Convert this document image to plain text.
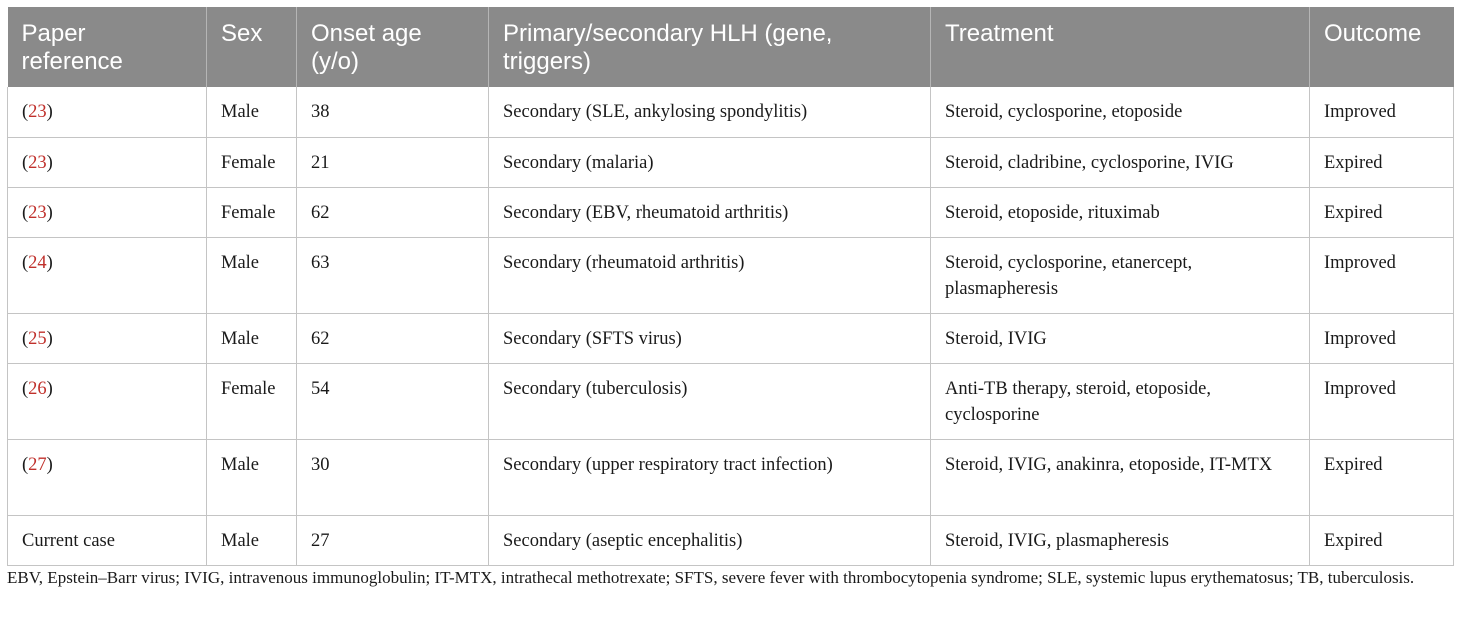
Paper reference	Sex	Onset age (y/o)	Primary/secondary HLH (gene, triggers)	Treatment	Outcome
(23)	Male	38	Secondary (SLE, ankylosing spondylitis)	Steroid, cyclosporine, etoposide	Improved
(23)	Female	21	Secondary (malaria)	Steroid, cladribine, cyclosporine, IVIG	Expired
(23)	Female	62	Secondary (EBV, rheumatoid arthritis)	Steroid, etoposide, rituximab	Expired
(24)	Male	63	Secondary (rheumatoid arthritis)	Steroid, cyclosporine, etanercept, plasmapheresis	Improved
(25)	Male	62	Secondary (SFTS virus)	Steroid, IVIG	Improved
(26)	Female	54	Secondary (tuberculosis)	Anti-TB therapy, steroid, etoposide, cyclosporine	Improved
(27)	Male	30	Secondary (upper respiratory tract infection)	Steroid, IVIG, anakinra, etoposide, IT-MTX	Expired
Current case	Male	27	Secondary (aseptic encephalitis)	Steroid, IVIG, plasmapheresis	Expired
EBV, Epstein–Barr virus; IVIG, intravenous immunoglobulin; IT-MTX, intrathecal methotrexate; SFTS, severe fever with thrombocytopenia syndrome; SLE, systemic lupus erythematosus; TB, tuberculosis.
